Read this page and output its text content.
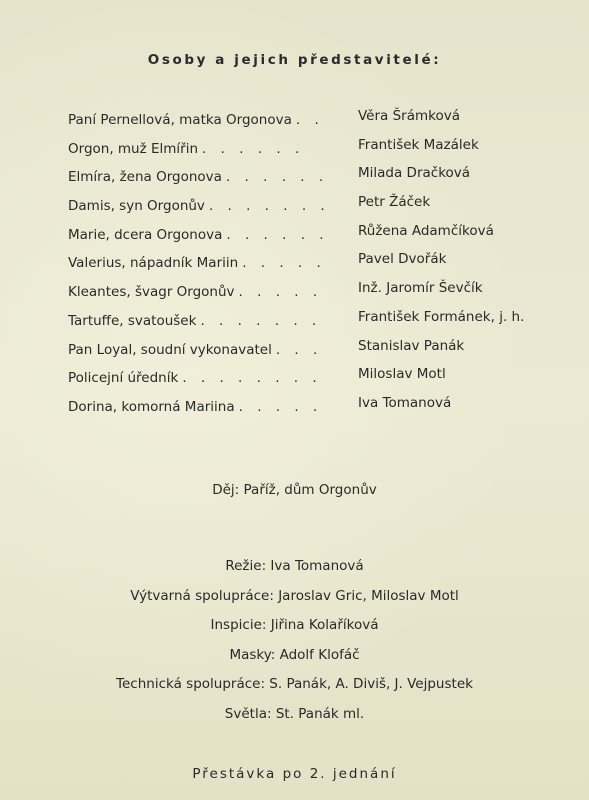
Osoby a jejich představitelé:
Paní Pernellová, matka Orgonova . .	Věra Šrámková
Orgon, muž Elmířin . . . . . .	František Mazálek
Elmíra, žena Orgonova . . . . . . Milada Dračková
Damis, syn Orgonův . . . . . . . Petr Žáček
Marie, dcera Orgonova . . . . . . Růžena Adamčíková
Valerius, nápadník Mariin . . . . . Pavel Dvořák
Kleantes, švagr Orgonův . . . . .	Inž. Jaromír Ševčík
Tartuffe, svatoušek . . . . . . .	František Formánek, j. h.
Pan Loyal, soudní vykonavatel . . .	Stanislav Panák
Policejní úředník . . . . . . . .	Miloslav Motl
Dorina, komorná Mariina . . . . .	Iva Tomanová
Děj: Paříž, dům Orgonův
Režie: Iva Tomanová
Výtvarná spolupráce: Jaroslav Gric, Miloslav Motl
Inspicie: Jiřina Kolaříková
Masky: Adolf Klofáč
Technická spolupráce: S. Panák, A. Diviš, J. Vejpustek
Světla: St. Panák ml.
Přestávka po 2. jednání
